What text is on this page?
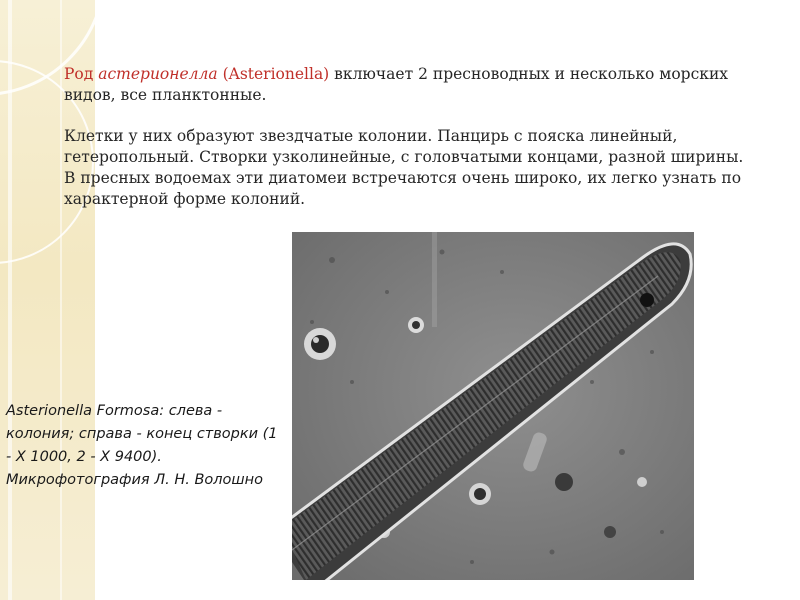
Род астерионелла (Asterionella) включает 2 пресноводных и несколько морских видов, все планктонные.

Клетки у них образуют звездчатые колонии. Панцирь с пояска линейный,
гетеропольный. Створки узколинейные, с головчатыми концами, разной ширины.
В пресных водоемах эти диатомеи встречаются очень широко, их легко узнать по
характерной форме колоний.

Asterionella Formosa: слева - колония; справа - конец створки (1 - X 1000, 2 - X 9400). Микрофотография Л. Н. Волошно
